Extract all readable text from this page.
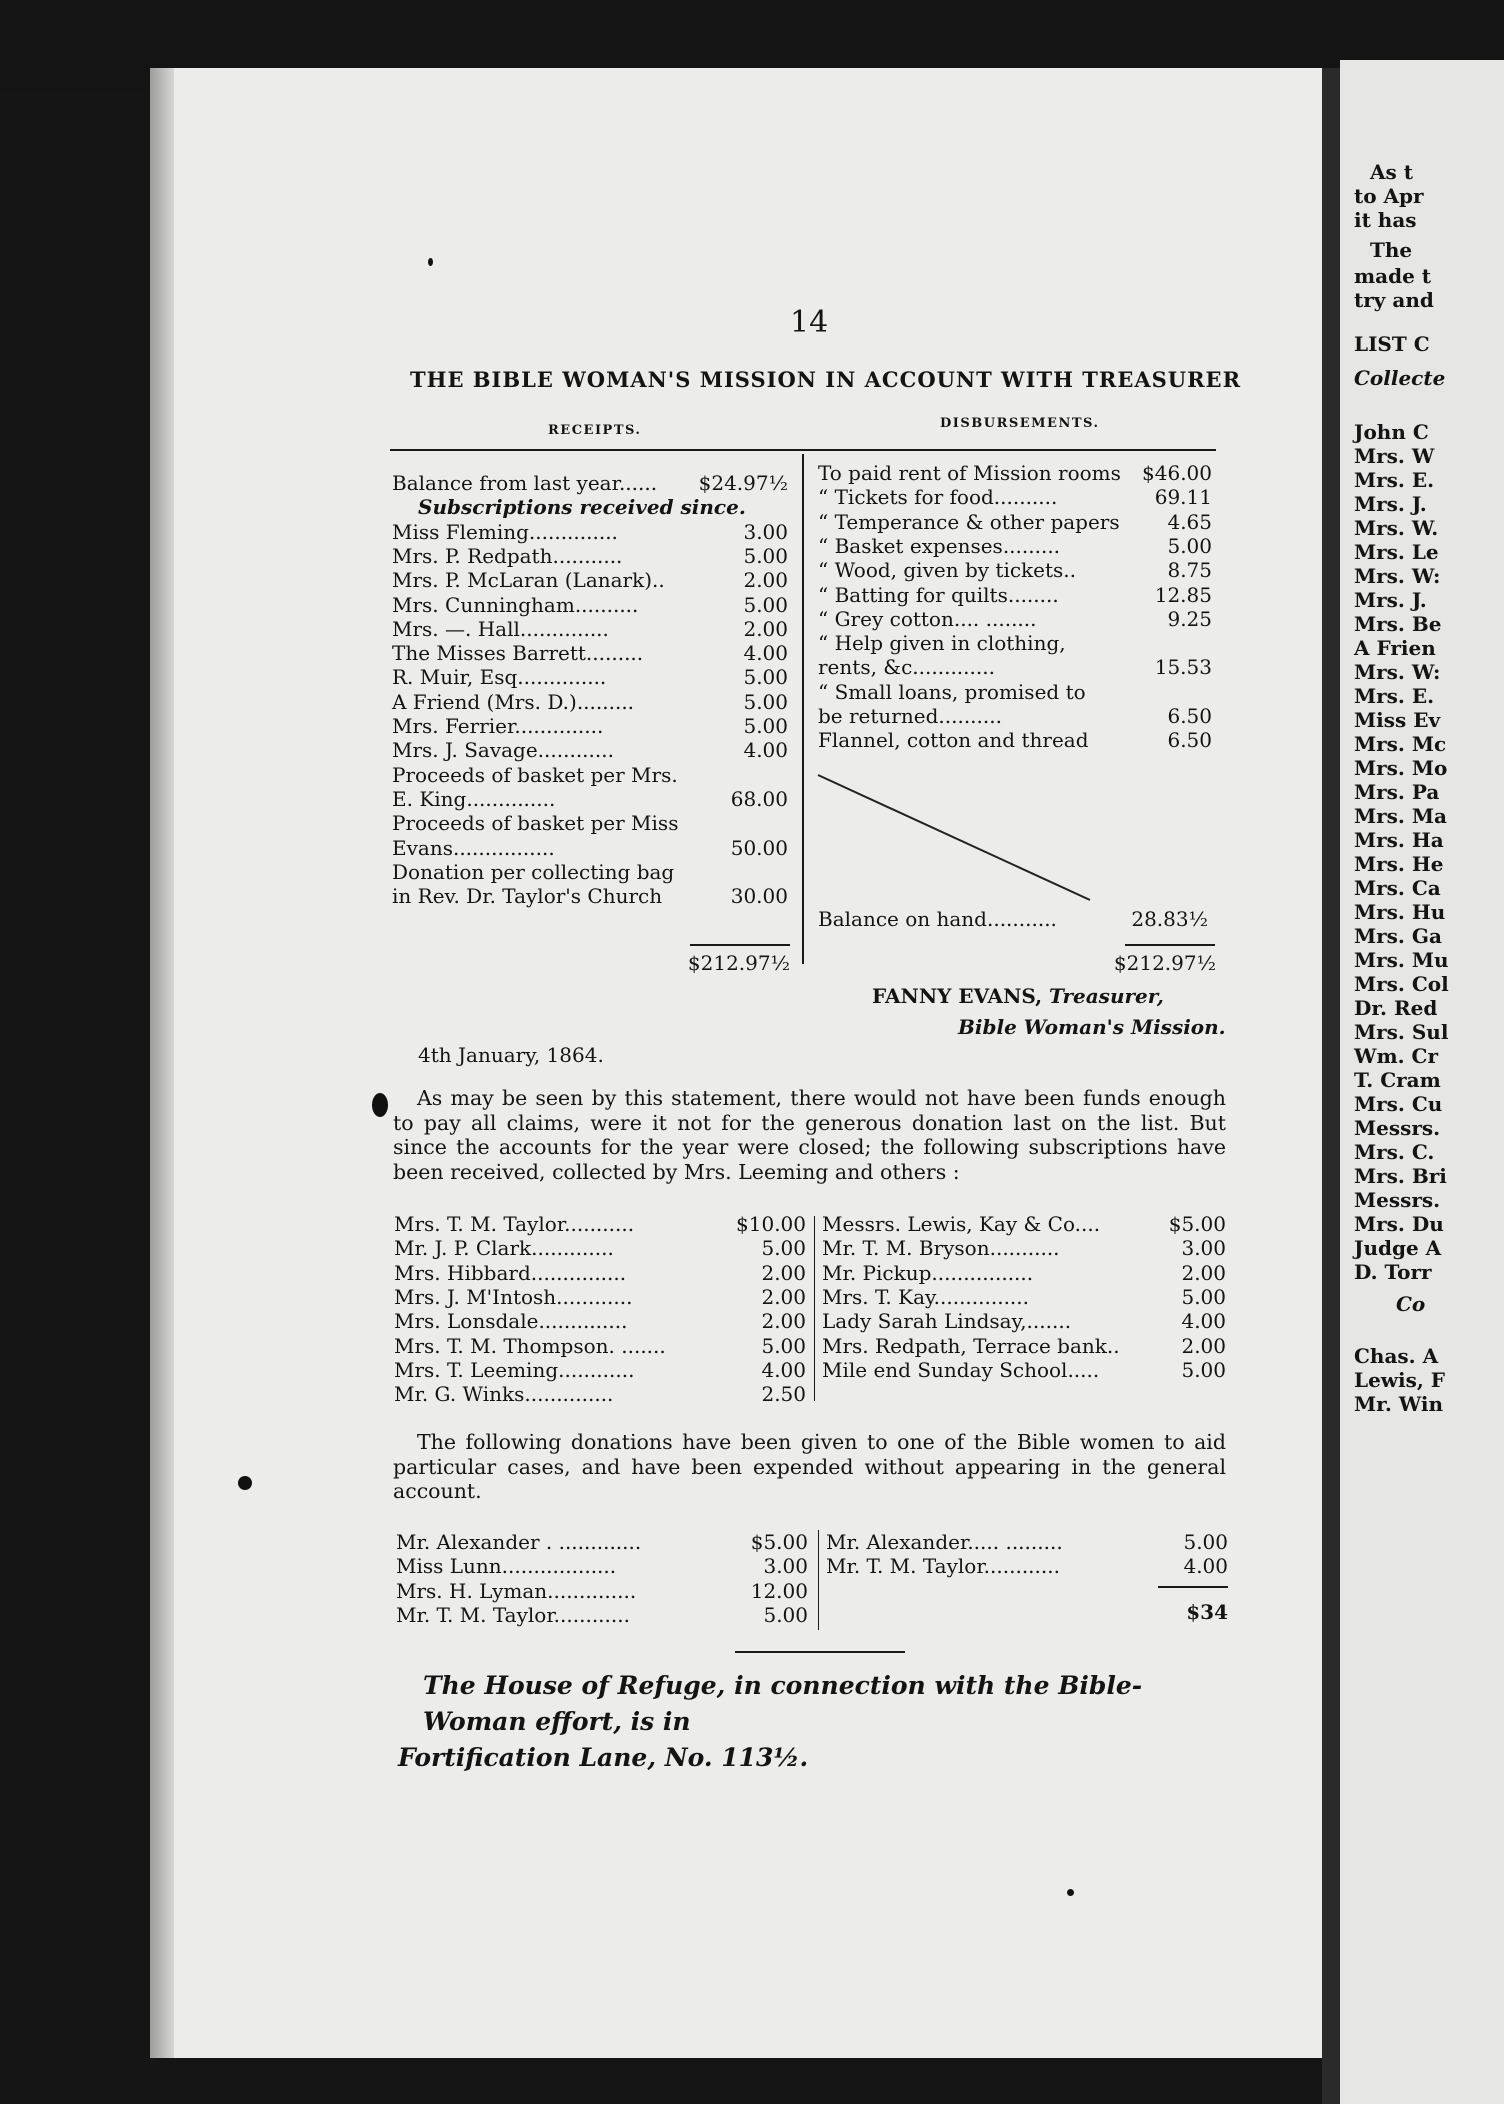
As t
to Apr
it has
The
made t
try and
LIST C
Collecte
John C
Mrs. W
Mrs. E.
Mrs. J.
Mrs. W.
Mrs. Le
Mrs. W:
Mrs. J.
Mrs. Be
A Frien
Mrs. W:
Mrs. E.
Miss Ev
Mrs. Mc
Mrs. Mo
Mrs. Pa
Mrs. Ma
Mrs. Ha
Mrs. He
Mrs. Ca
Mrs. Hu
Mrs. Ga
Mrs. Mu
Mrs. Col
Dr. Red
Mrs. Sul
Wm. Cr
T. Cram
Mrs. Cu
Messrs.
Mrs. C.
Mrs. Bri
Messrs.
Mrs. Du
Judge A
D. Torr
Co
Chas. A
Lewis, F
Mr. Win
14
THE BIBLE WOMAN'S MISSION IN ACCOUNT WITH TREASURER
RECEIPTS.	DISBURSEMENTS.
Balance from last year...... $24.97½
Subscriptions received since.
Miss Fleming..............	3.00
Mrs. P. Redpath...........	5.00
Mrs. P. McLaran (Lanark)..	2.00
Mrs. Cunningham..........	5.00
Mrs. —. Hall..............	2.00
The Misses Barrett.........	4.00
R. Muir, Esq..............	5.00
A Friend (Mrs. D.).........	5.00
Mrs. Ferrier..............	5.00
Mrs. J. Savage............	4.00
Proceeds of basket per Mrs.
E. King..............	68.00
Proceeds of basket per Miss
Evans................	50.00
Donation per collecting bag
in Rev. Dr. Taylor's Church	30.00
To paid rent of Mission rooms $46.00
“ Tickets for food..........	69.11
“ Temperance & other papers 4.65
“ Basket expenses.........	5.00
“ Wood, given by tickets..	8.75
“ Batting for quilts........	12.85
“ Grey cotton.... ........	9.25
“ Help given in clothing,
rents, &c.............	15.53
“ Small loans, promised to
be returned..........	6.50
Flannel, cotton and thread	6.50
Balance on hand...........	28.83½
$212.97½	$212.97½
FANNY EVANS, Treasurer,
Bible Woman's Mission.
4th January, 1864.
As may be seen by this statement, there would not have been funds enough to pay all claims, were it not for the generous donation last on the list. But since the accounts for the year were closed; the following subscriptions have been received, collected by Mrs. Leeming and others :
Mrs. T. M. Taylor...........	$10.00
Mr. J. P. Clark.............	5.00
Mrs. Hibbard...............	2.00
Mrs. J. M'Intosh............	2.00
Mrs. Lonsdale..............	2.00
Mrs. T. M. Thompson. .......	5.00
Mrs. T. Leeming............	4.00
Mr. G. Winks..............	2.50
Messrs. Lewis, Kay & Co....	$5.00
Mr. T. M. Bryson...........	3.00
Mr. Pickup................	2.00
Mrs. T. Kay...............	5.00
Lady Sarah Lindsay,.......	4.00
Mrs. Redpath, Terrace bank..	2.00
Mile end Sunday School.....	5.00
The following donations have been given to one of the Bible women to aid particular cases, and have been expended without appearing in the general account.
Mr. Alexander . .............	$5.00
Miss Lunn..................	3.00
Mrs. H. Lyman..............	12.00
Mr. T. M. Taylor............	5.00
Mr. Alexander..... .........	5.00
Mr. T. M. Taylor............	4.00
$34
The House of Refuge, in connection with the Bible-Woman effort, is in
Fortification Lane, No. 113½.
